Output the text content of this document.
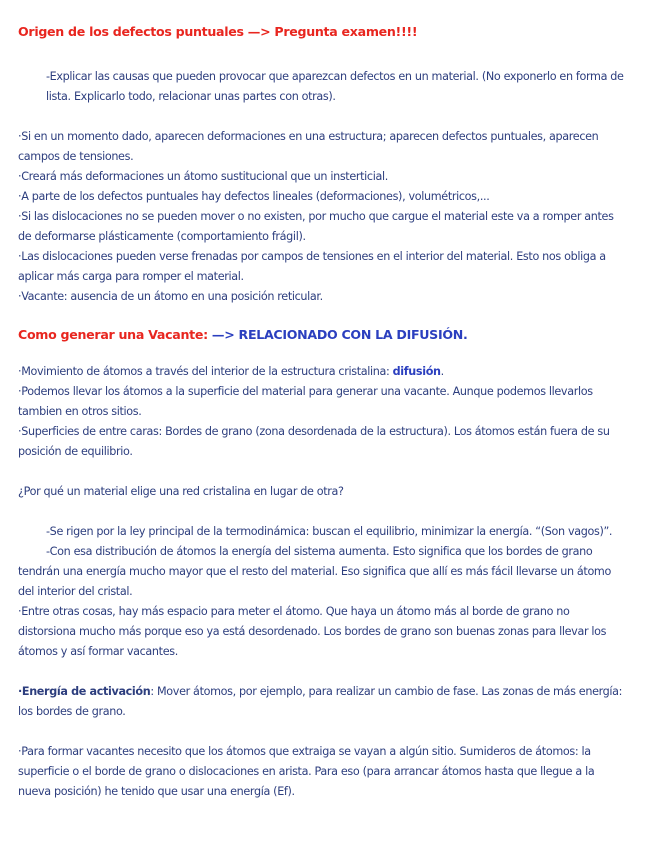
Origen de los defectos puntuales —> Pregunta examen!!!!

-Explicar las causas que pueden provocar que aparezcan defectos en un material. (No exponerlo en forma de lista. Explicarlo todo, relacionar unas partes con otras).

·Si en un momento dado, aparecen deformaciones en una estructura; aparecen defectos puntuales, aparecen campos de tensiones.

·Creará más deformaciones un átomo sustitucional que un insterticial.

·A parte de los defectos puntuales hay defectos lineales (deformaciones), volumétricos,...

·Si las dislocaciones no se pueden mover o no existen, por mucho que cargue el material este va a romper antes de deformarse plásticamente (comportamiento frágil).

·Las dislocaciones pueden verse frenadas por campos de tensiones en el interior del material. Esto nos obliga a aplicar más carga para romper el material.

·Vacante: ausencia de un átomo en una posición reticular.

Como generar una Vacante: —> RELACIONADO CON LA DIFUSIÓN.

·Movimiento de átomos a través del interior de la estructura cristalina: difusión.

·Podemos llevar los átomos a la superficie del material para generar una vacante. Aunque podemos llevarlos tambien en otros sitios.

·Superficies de entre caras: Bordes de grano (zona desordenada de la estructura). Los átomos están fuera de su posición de equilibrio.

¿Por qué un material elige una red cristalina en lugar de otra?

-Se rigen por la ley principal de la termodinámica: buscan el equilibrio, minimizar la energía. “(Son vagos)”.

-Con esa distribución de átomos la energía del sistema aumenta. Esto significa que los bordes de grano tendrán una energía mucho mayor que el resto del material. Eso significa que allí es más fácil llevarse un átomo del interior del cristal.

·Entre otras cosas, hay más espacio para meter el átomo. Que haya un átomo más al borde de grano no distorsiona mucho más porque eso ya está desordenado. Los bordes de grano son buenas zonas para llevar los átomos y así formar vacantes.

·Energía de activación: Mover átomos, por ejemplo, para realizar un cambio de fase. Las zonas de más energía: los bordes de grano.

·Para formar vacantes necesito que los átomos que extraiga se vayan a algún sitio. Sumideros de átomos: la superficie o el borde de grano o dislocaciones en arista. Para eso (para arrancar átomos hasta que llegue a la nueva posición) he tenido que usar una energía (Ef).
